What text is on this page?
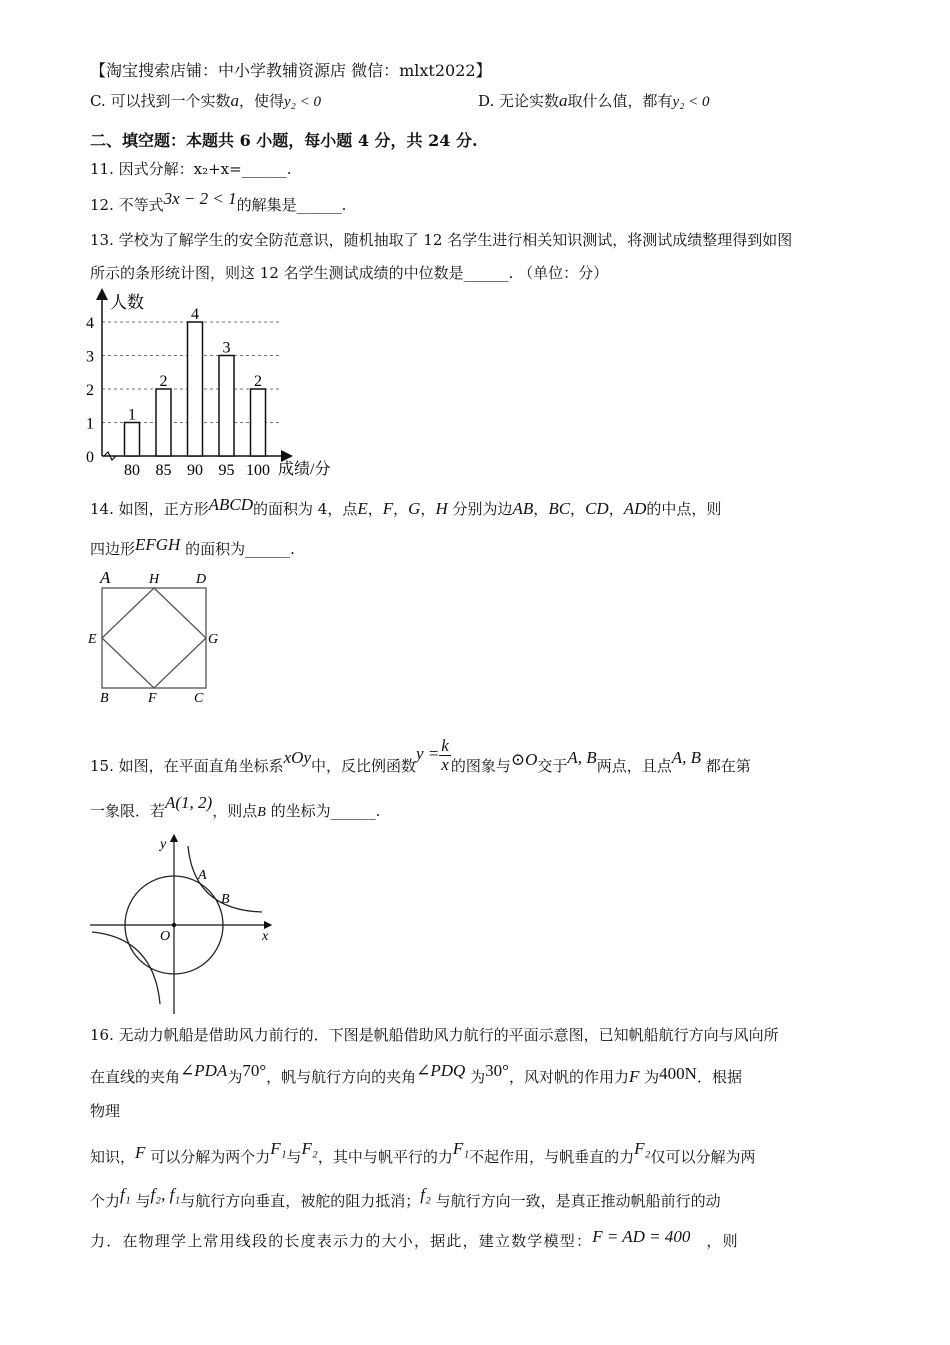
【淘宝搜索店铺：中小学教辅资源店 微信：mlxt2022】
C. 可以找到一个实数a，使得y₂ < 0	D. 无论实数a取什么值，都有y₂ < 0
二、填空题：本题共 6 小题，每小题 4 分，共 24 分.
11. 因式分解：x₂+x=______.
12. 不等式3x − 2 < 1的解集是______.
13. 学校为了解学生的安全防范意识，随机抽取了 12 名学生进行相关知识测试，将测试成绩整理得到如图
所示的条形统计图，则这 12 名学生测试成绩的中位数是______. （单位：分）
人数
成绩/分
0
1
2
3
4
80 85 90 95 100
1
2
4
3
2
14. 如图，正方形ABCD的面积为 4，点E，F，G，H 分别为边AB，BC，CD，AD的中点，则
四边形EFGH 的面积为______.
A	H	D
E	G
B	F	C
15. 如图，在平面直角坐标系xOy中，反比例函数$y = \frac{k}{x}$ 的图象与⊙O交于A, B两点，且点A, B 都在第
一象限．若A(1, 2)，则点B 的坐标为______.
y
x
O
A
B
16. 无动力帆船是借助风力前行的．下图是帆船借助风力航行的平面示意图，已知帆船航行方向与风向所
在直线的夹角∠PDA为70°，帆与航行方向的夹角∠PDQ 为30°，风对帆的作用力F 为400N．根据
物理
知识，F 可以分解为两个力F₁与F₂，其中与帆平行的力F₁不起作用，与帆垂直的力F₂仅可以分解为两
个力f₁ 与f₂, f₁与航行方向垂直，被舵的阻力抵消；f₂ 与航行方向一致，是真正推动帆船前行的动
力．在物理学上常用线段的长度表示力的大小，据此，建立数学模型：F = AD = 400 ，则
